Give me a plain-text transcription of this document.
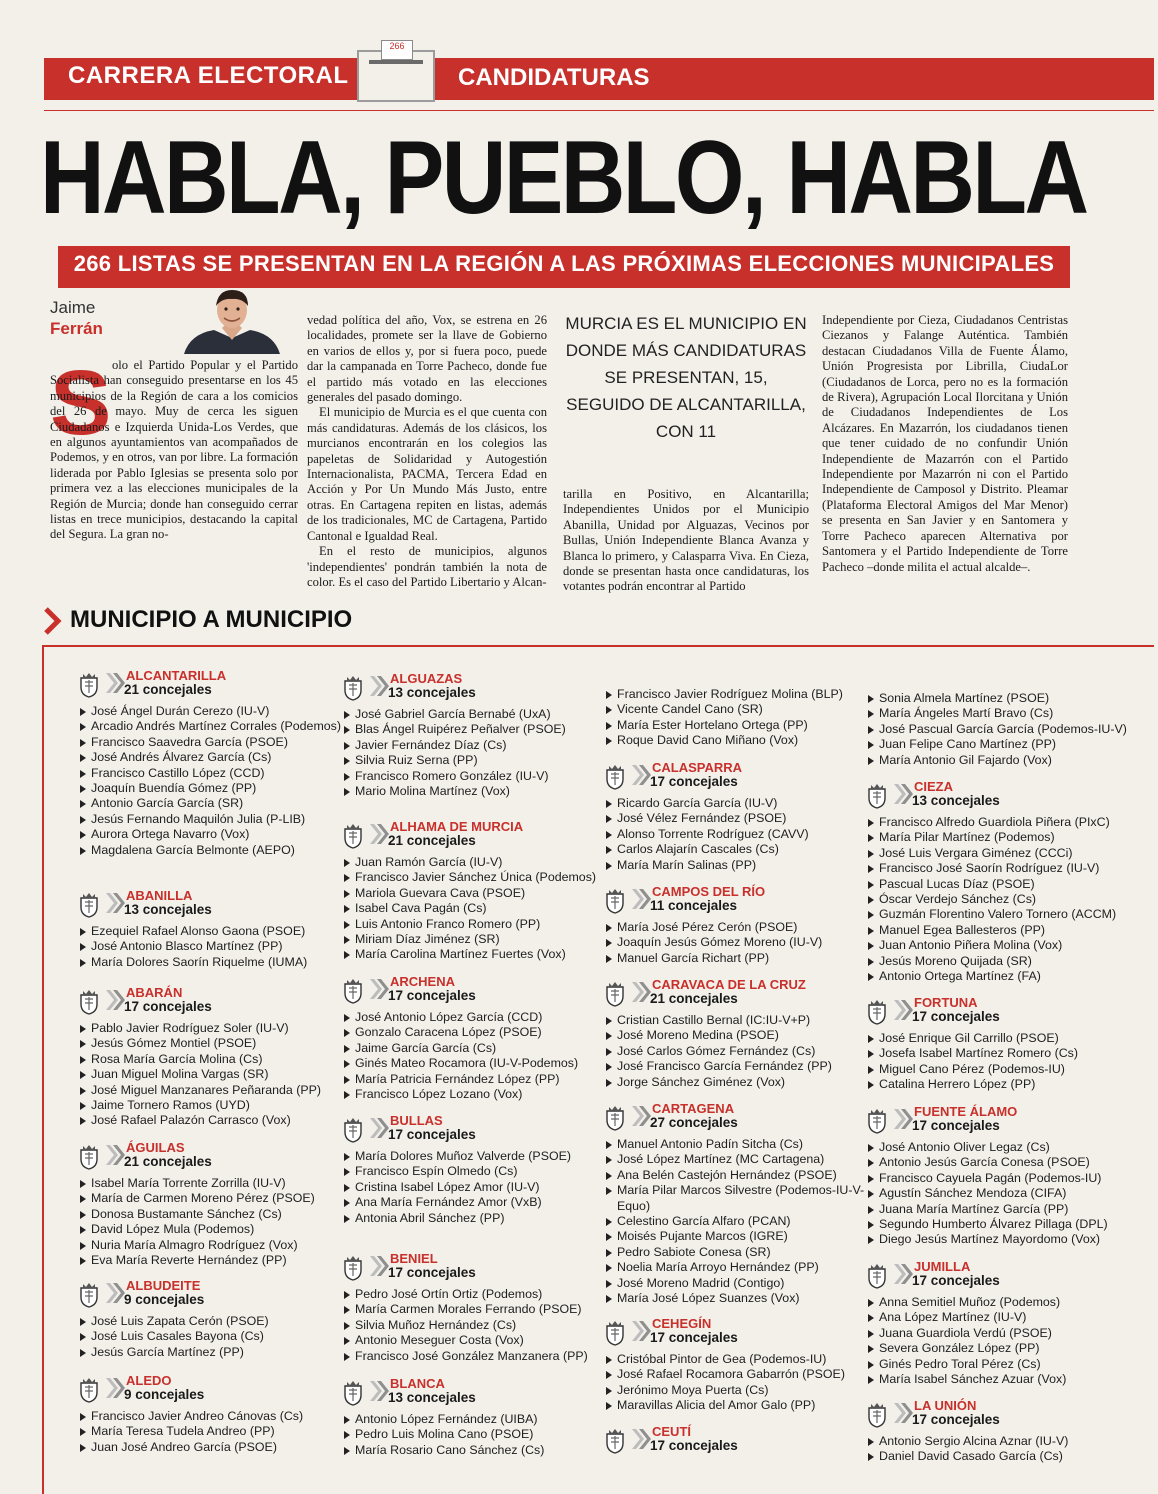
CARRERA ELECTORAL
266
CANDIDATURAS
HABLA, PUEBLO, HABLA
266 LISTAS SE PRESENTAN EN LA REGIÓN A LAS PRÓXIMAS ELECCIONES MUNICIPALES
Jaime
Ferrán
S olo el Partido Popular y el Partido Socialista han conseguido presentarse en los 45 municipios de la Región de cara a los comicios del 26 de mayo. Muy de cerca les siguen Ciudadanos e Izquierda Unida-Los Verdes, que en algunos ayuntamientos van acompañados de Podemos, y en otros, van por libre. La formación liderada por Pablo Iglesias se presenta solo por primera vez a las elecciones municipales de la Región de Murcia; donde han conseguido cerrar listas en trece municipios, destacando la capital del Segura. La gran no-

vedad política del año, Vox, se estrena en 26 localidades, promete ser la llave de Gobierno en varios de ellos y, por si fuera poco, puede dar la campanada en Torre Pacheco, donde fue el partido más votado en las elecciones generales del pasado domingo.

El municipio de Murcia es el que cuenta con más candidaturas. Además de los clásicos, los murcianos encontrarán en los colegios las papeletas de Solidaridad y Autogestión Internacionalista, PACMA, Tercera Edad en Acción y Por Un Mundo Más Justo, entre otras. En Cartagena repiten en listas, además de los tradicionales, MC de Cartagena, Partido Cantonal e Igualdad Real.

En el resto de municipios, algunos 'independientes' pondrán también la nota de color. Es el caso del Partido Libertario y Alcan-

MURCIA ES EL MUNICIPIO EN DONDE MÁS CANDIDATURAS SE PRESENTAN, 15, SEGUIDO DE ALCANTARILLA, CON 11

tarilla en Positivo, en Alcantarilla; Independientes Unidos por el Municipio Abanilla, Unidad por Alguazas, Vecinos por Bullas, Unión Independiente Blanca Avanza y Blanca lo primero, y Calasparra Viva. En Cieza, donde se presentan hasta once candidaturas, los votantes podrán encontrar al Partido

Independiente por Cieza, Ciudadanos Centristas Ciezanos y Falange Auténtica. También destacan Ciudadanos Villa de Fuente Álamo, Unión Progresista por Librilla, CiudaLor (Ciudadanos de Lorca, pero no es la formación de Rivera), Agrupación Local Ilorcitana y Unión de Ciudadanos Independientes de Los Alcázares. En Mazarrón, los ciudadanos tienen que tener cuidado de no confundir Unión Independiente de Mazarrón con el Partido Independiente por Mazarrón ni con el Partido Independiente de Camposol y Distrito. Pleamar (Plataforma Electoral Amigos del Mar Menor) se presenta en San Javier y en Santomera y Torre Pacheco aparecen Alternativa por Santomera y el Partido Independiente de Torre Pacheco –donde milita el actual alcalde–.

MUNICIPIO A MUNICIPIO
ALCANTARILLA
21 concejales
José Ángel Durán Cerezo (IU-V)
Arcadio Andrés Martínez Corrales (Podemos)
Francisco Saavedra García (PSOE)
José Andrés Álvarez García (Cs)
Francisco Castillo López (CCD)
Joaquín Buendía Gómez (PP)
Antonio García García (SR)
Jesús Fernando Maquilón Julia (P-LIB)
Aurora Ortega Navarro (Vox)
Magdalena García Belmonte (AEPO)
ABANILLA
13 concejales
Ezequiel Rafael Alonso Gaona (PSOE)
José Antonio Blasco Martínez (PP)
María Dolores Saorín Riquelme (IUMA)
ABARÁN
17 concejales
Pablo Javier Rodríguez Soler (IU-V)
Jesús Gómez Montiel (PSOE)
Rosa María García Molina (Cs)
Juan Miguel Molina Vargas (SR)
José Miguel Manzanares Peñaranda (PP)
Jaime Tornero Ramos (UYD)
José Rafael Palazón Carrasco (Vox)
ÁGUILAS
21 concejales
Isabel María Torrente Zorrilla (IU-V)
María de Carmen Moreno Pérez (PSOE)
Donosa Bustamante Sánchez (Cs)
David López Mula (Podemos)
Nuria María Almagro Rodríguez (Vox)
Eva María Reverte Hernández (PP)
ALBUDEITE
9 concejales
José Luis Zapata Cerón (PSOE)
José Luis Casales Bayona (Cs)
Jesús García Martínez (PP)
ALEDO
9 concejales
Francisco Javier Andreo Cánovas (Cs)
María Teresa Tudela Andreo (PP)
Juan José Andreo García (PSOE)
ALGUAZAS
13 concejales
José Gabriel García Bernabé (UxA)
Blas Ángel Ruipérez Peñalver (PSOE)
Javier Fernández Díaz (Cs)
Silvia Ruiz Serna (PP)
Francisco Romero González (IU-V)
Mario Molina Martínez (Vox)
ALHAMA DE MURCIA
21 concejales
Juan Ramón García (IU-V)
Francisco Javier Sánchez Única (Podemos)
Mariola Guevara Cava (PSOE)
Isabel Cava Pagán (Cs)
Luis Antonio Franco Romero (PP)
Miriam Díaz Jiménez (SR)
María Carolina Martínez Fuertes (Vox)
ARCHENA
17 concejales
José Antonio López García (CCD)
Gonzalo Caracena López (PSOE)
Jaime García García (Cs)
Ginés Mateo Rocamora (IU-V-Podemos)
María Patricia Fernández López (PP)
Francisco López Lozano (Vox)
BULLAS
17 concejales
María Dolores Muñoz Valverde (PSOE)
Francisco Espín Olmedo (Cs)
Cristina Isabel López Amor (IU-V)
Ana María Fernández Amor (VxB)
Antonia Abril Sánchez (PP)
BENIEL
17 concejales
Pedro José Ortín Ortiz (Podemos)
María Carmen Morales Ferrando (PSOE)
Silvia Muñoz Hernández (Cs)
Antonio Meseguer Costa (Vox)
Francisco José González Manzanera (PP)
BLANCA
13 concejales
Antonio López Fernández (UIBA)
Pedro Luis Molina Cano (PSOE)
María Rosario Cano Sánchez (Cs)
Francisco Javier Rodríguez Molina (BLP)
Vicente Candel Cano (SR)
María Ester Hortelano Ortega (PP)
Roque David Cano Miñano (Vox)
CALASPARRA
17 concejales
Ricardo García García (IU-V)
José Vélez Fernández (PSOE)
Alonso Torrente Rodríguez (CAVV)
Carlos Alajarín Cascales (Cs)
María Marín Salinas (PP)
CAMPOS DEL RÍO
11 concejales
María José Pérez Cerón (PSOE)
Joaquín Jesús Gómez Moreno (IU-V)
Manuel García Richart (PP)
CARAVACA DE LA CRUZ
21 concejales
Cristian Castillo Bernal (IC:IU-V+P)
José Moreno Medina (PSOE)
José Carlos Gómez Fernández (Cs)
José Francisco García Fernández (PP)
Jorge Sánchez Giménez (Vox)
CARTAGENA
27 concejales
Manuel Antonio Padín Sitcha (Cs)
José López Martínez (MC Cartagena)
Ana Belén Castejón Hernández (PSOE)
María Pilar Marcos Silvestre (Podemos-IU-V-
Equo)
Celestino García Alfaro (PCAN)
Moisés Pujante Marcos (IGRE)
Pedro Sabiote Conesa (SR)
Noelia María Arroyo Hernández (PP)
José Moreno Madrid (Contigo)
María José López Suanzes (Vox)
CEHEGÍN
17 concejales
Cristóbal Pintor de Gea (Podemos-IU)
José Rafael Rocamora Gabarrón (PSOE)
Jerónimo Moya Puerta (Cs)
Maravillas Alicia del Amor Galo (PP)
CEUTÍ
17 concejales
Sonia Almela Martínez (PSOE)
María Ángeles Martí Bravo (Cs)
José Pascual García García (Podemos-IU-V)
Juan Felipe Cano Martínez (PP)
María Antonio Gil Fajardo (Vox)
CIEZA
13 concejales
Francisco Alfredo Guardiola Piñera (PIxC)
María Pilar Martínez (Podemos)
José Luis Vergara Giménez (CCCi)
Francisco José Saorín Rodríguez (IU-V)
Pascual Lucas Díaz (PSOE)
Óscar Verdejo Sánchez (Cs)
Guzmán Florentino Valero Tornero (ACCM)
Manuel Egea Ballesteros (PP)
Juan Antonio Piñera Molina (Vox)
Jesús Moreno Quijada (SR)
Antonio Ortega Martínez (FA)
FORTUNA
17 concejales
José Enrique Gil Carrillo (PSOE)
Josefa Isabel Martínez Romero (Cs)
Miguel Cano Pérez (Podemos-IU)
Catalina Herrero López (PP)
FUENTE ÁLAMO
17 concejales
José Antonio Oliver Legaz (Cs)
Antonio Jesús García Conesa (PSOE)
Francisco Cayuela Pagán (Podemos-IU)
Agustín Sánchez Mendoza (CIFA)
Juana María Martínez García (PP)
Segundo Humberto Álvarez Pillaga (DPL)
Diego Jesús Martínez Mayordomo (Vox)
JUMILLA
17 concejales
Anna Semitiel Muñoz (Podemos)
Ana López Martínez (IU-V)
Juana Guardiola Verdú (PSOE)
Severa González López (PP)
Ginés Pedro Toral Pérez (Cs)
María Isabel Sánchez Azuar (Vox)
LA UNIÓN
17 concejales
Antonio Sergio Alcina Aznar (IU-V)
Daniel David Casado García (Cs)
